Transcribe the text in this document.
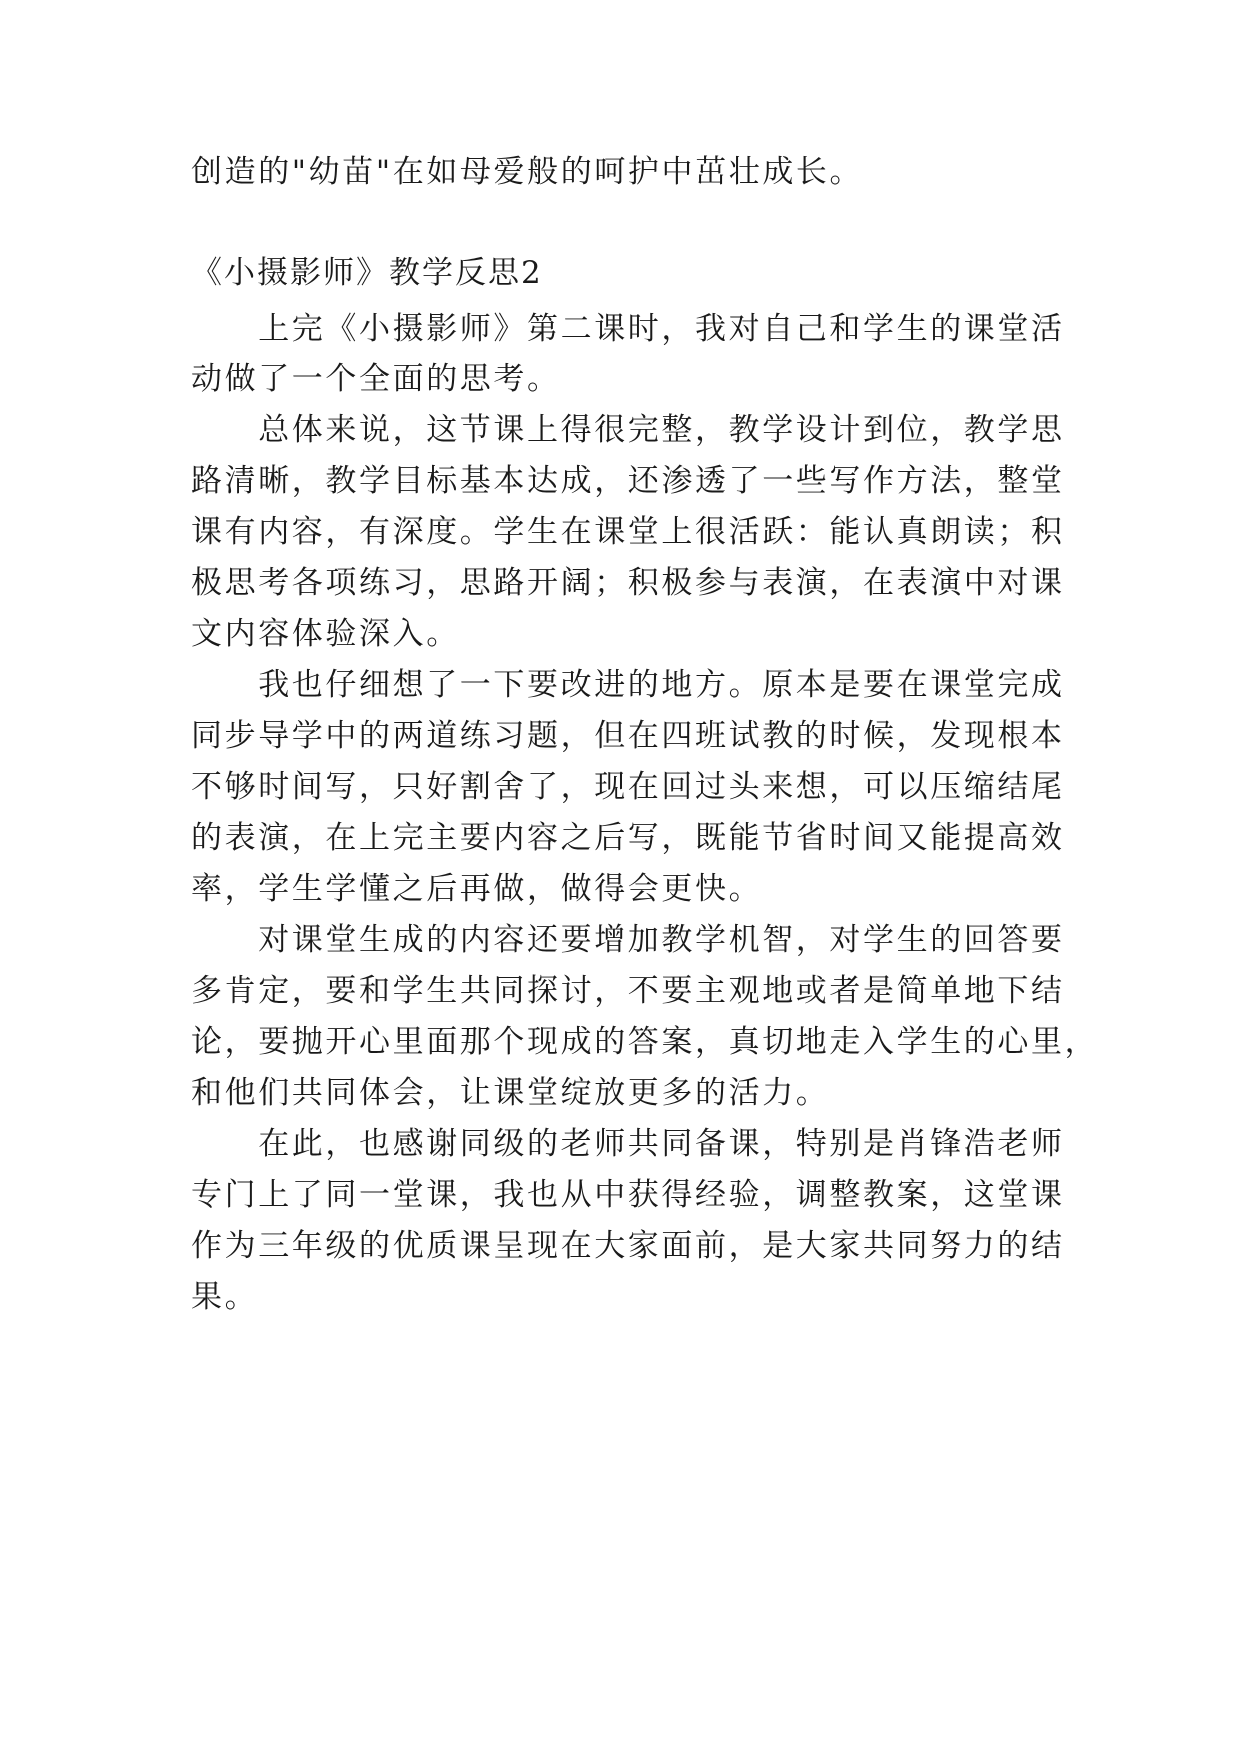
创造的"幼苗"在如母爱般的呵护中茁壮成长。
《小摄影师》教学反思2
　　上完《小摄影师》第二课时，我对自己和学生的课堂活
动做了一个全面的思考。
　　总体来说，这节课上得很完整，教学设计到位，教学思
路清晰，教学目标基本达成，还渗透了一些写作方法，整堂
课有内容，有深度。学生在课堂上很活跃：能认真朗读；积
极思考各项练习，思路开阔；积极参与表演，在表演中对课
文内容体验深入。
　　我也仔细想了一下要改进的地方。原本是要在课堂完成
同步导学中的两道练习题，但在四班试教的时候，发现根本
不够时间写，只好割舍了，现在回过头来想，可以压缩结尾
的表演，在上完主要内容之后写，既能节省时间又能提高效
率，学生学懂之后再做，做得会更快。
　　对课堂生成的内容还要增加教学机智，对学生的回答要
多肯定，要和学生共同探讨，不要主观地或者是简单地下结
论，要抛开心里面那个现成的答案，真切地走入学生的心里，
和他们共同体会，让课堂绽放更多的活力。
　　在此，也感谢同级的老师共同备课，特别是肖锋浩老师
专门上了同一堂课，我也从中获得经验，调整教案，这堂课
作为三年级的优质课呈现在大家面前，是大家共同努力的结
果。
